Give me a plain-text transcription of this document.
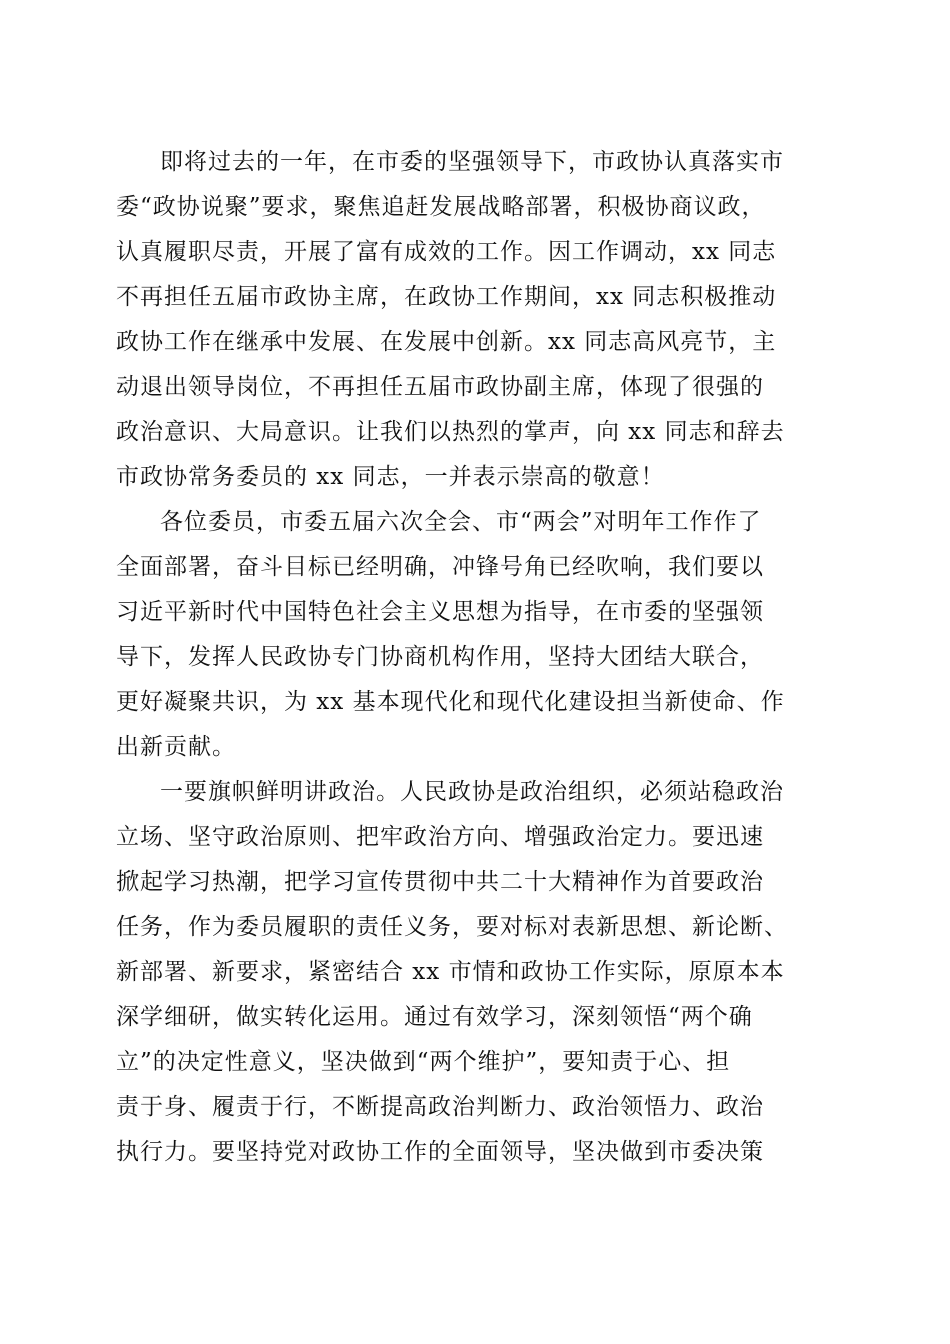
即将过去的一年，在市委的坚强领导下，市政协认真落实市
委“政协说聚”要求，聚焦追赶发展战略部署，积极协商议政，
认真履职尽责，开展了富有成效的工作。因工作调动，xx 同志
不再担任五届市政协主席，在政协工作期间，xx 同志积极推动
政协工作在继承中发展、在发展中创新。xx 同志高风亮节，主
动退出领导岗位，不再担任五届市政协副主席，体现了很强的
政治意识、大局意识。让我们以热烈的掌声，向 xx 同志和辞去
市政协常务委员的 xx 同志，一并表示崇高的敬意！
各位委员，市委五届六次全会、市“两会”对明年工作作了
全面部署，奋斗目标已经明确，冲锋号角已经吹响，我们要以
习近平新时代中国特色社会主义思想为指导，在市委的坚强领
导下，发挥人民政协专门协商机构作用，坚持大团结大联合，
更好凝聚共识，为 xx 基本现代化和现代化建设担当新使命、作
出新贡献。
一要旗帜鲜明讲政治。人民政协是政治组织，必须站稳政治
立场、坚守政治原则、把牢政治方向、增强政治定力。要迅速
掀起学习热潮，把学习宣传贯彻中共二十大精神作为首要政治
任务，作为委员履职的责任义务，要对标对表新思想、新论断、
新部署、新要求，紧密结合 xx 市情和政协工作实际，原原本本
深学细研，做实转化运用。通过有效学习，深刻领悟“两个确
立”的决定性意义，坚决做到“两个维护”，要知责于心、担
责于身、履责于行，不断提高政治判断力、政治领悟力、政治
执行力。要坚持党对政协工作的全面领导，坚决做到市委决策
